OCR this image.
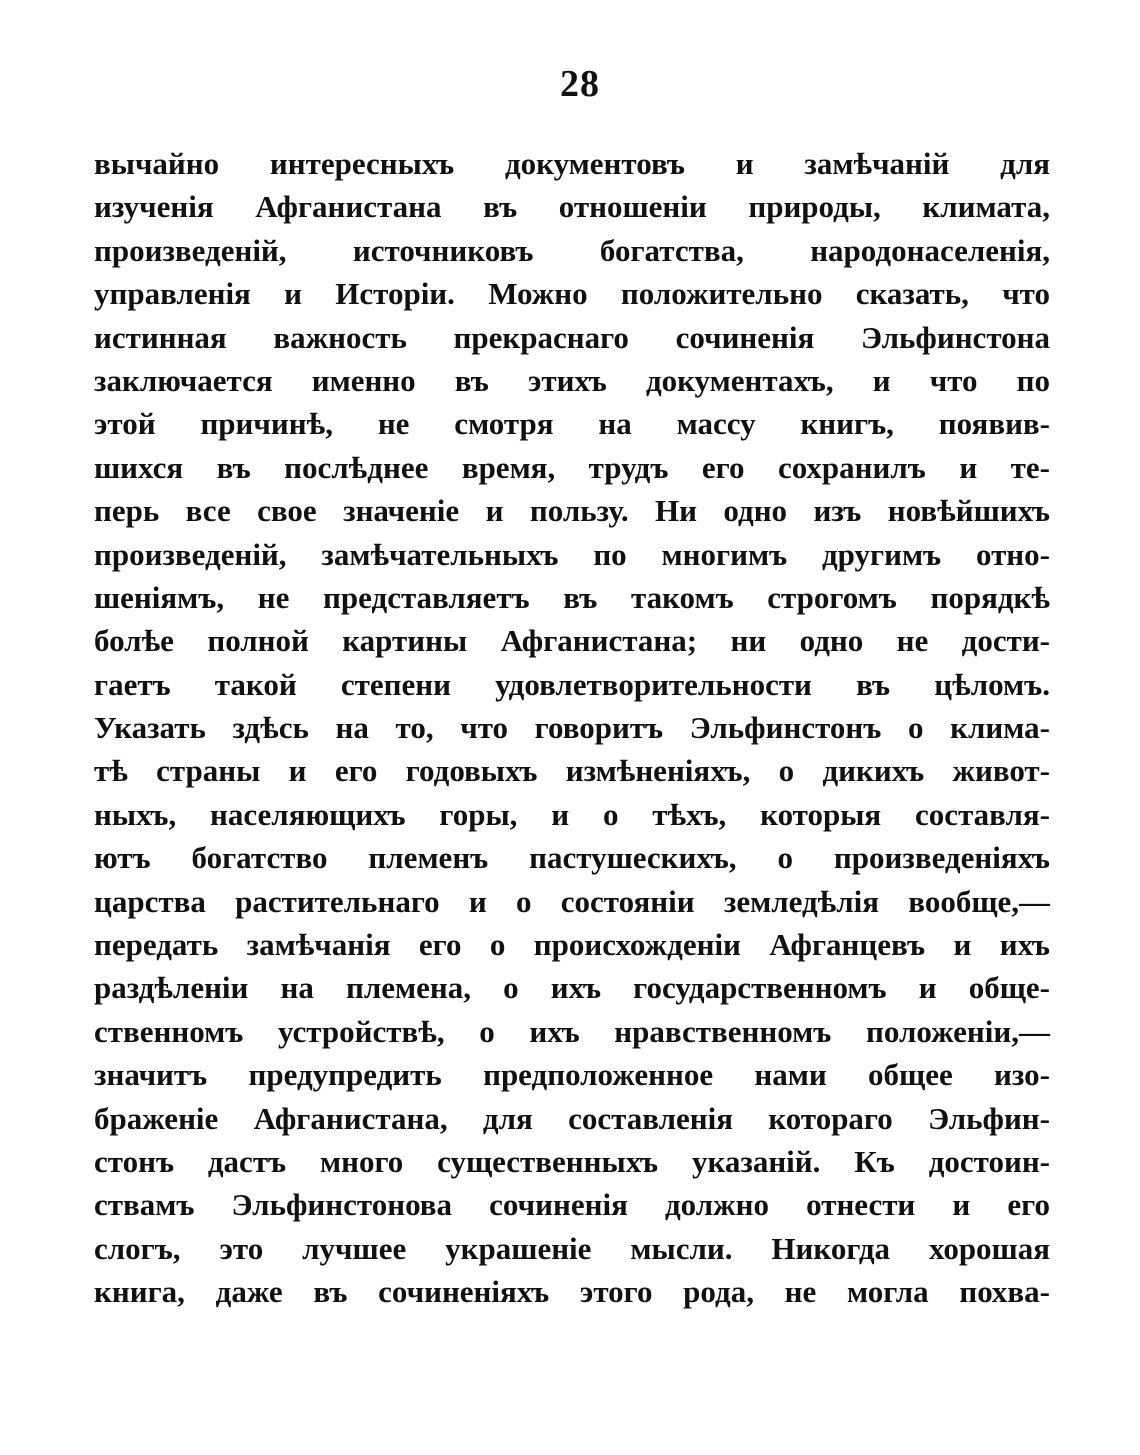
28
вычайно интересныхъ документовъ и замѣчаній для
изученія Афганистана въ отношеніи природы, климата,
произведеній, источниковъ богатства, народонаселенія,
управленія и Исторіи. Можно положительно сказать, что
истинная важность прекраснаго сочиненія Эльфинстона
заключается именно въ этихъ документахъ, и что по
этой причинѣ, не смотря на массу книгъ, появив-
шихся въ послѣднее время, трудъ его сохранилъ и те-
перь все свое значеніе и пользу. Ни одно изъ новѣйшихъ
произведеній, замѣчательныхъ по многимъ другимъ отно-
шеніямъ, не представляетъ въ такомъ строгомъ порядкѣ
болѣе полной картины Афганистана; ни одно не дости-
гаетъ такой степени удовлетворительности въ цѣломъ.
Указать здѣсь на то, что говоритъ Эльфинстонъ о клима-
тѣ страны и его годовыхъ измѣненіяхъ, о дикихъ живот-
ныхъ, населяющихъ горы, и о тѣхъ, которыя составля-
ютъ богатство племенъ пастушескихъ, о произведеніяхъ
царства растительнаго и о состояніи земледѣлія вообще,—
передать замѣчанія его о происхожденіи Афганцевъ и ихъ
раздѣленіи на племена, о ихъ государственномъ и обще-
ственномъ устройствѣ, о ихъ нравственномъ положеніи,—
значитъ предупредить предположенное нами общее изо-
браженіе Афганистана, для составленія котораго Эльфин-
стонъ дастъ много существенныхъ указаній. Къ достоин-
ствамъ Эльфинстонова сочиненія должно отнести и его
слогъ, это лучшее украшеніе мысли. Никогда хорошая
книга, даже въ сочиненіяхъ этого рода, не могла похва-
